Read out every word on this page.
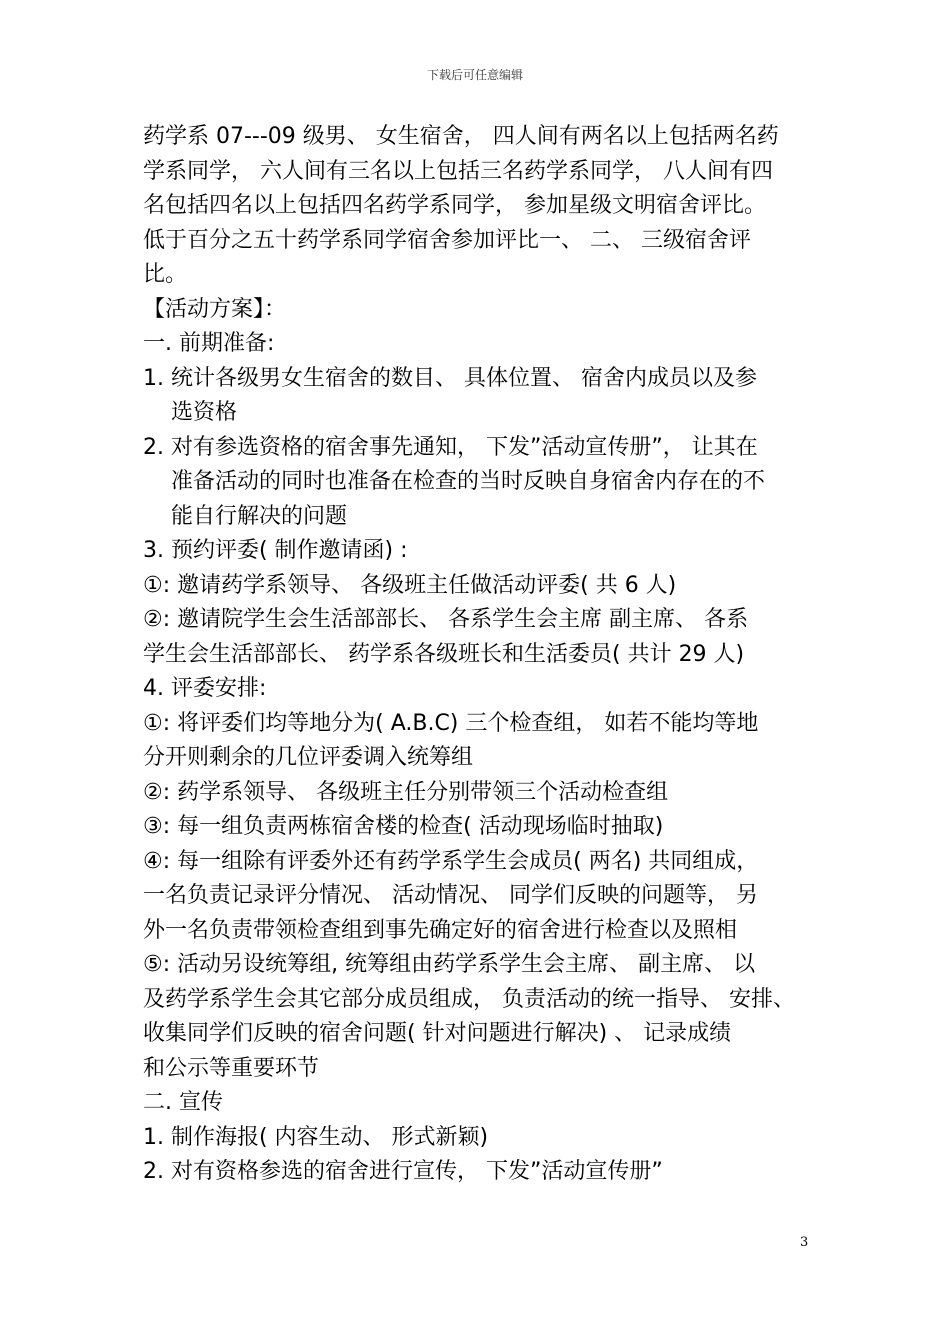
下载后可任意编辑
药学系 07---09 级男、 女生宿舍， 四人间有两名以上包括两名药
学系同学， 六人间有三名以上包括三名药学系同学， 八人间有四
名包括四名以上包括四名药学系同学， 参加星级文明宿舍评比。
低于百分之五十药学系同学宿舍参加评比一、 二、 三级宿舍评
比。
【活动方案】：
一. 前期准备:
1. 统计各级男女生宿舍的数目、 具体位置、 宿舍内成员以及参
选资格
2. 对有参选资格的宿舍事先通知， 下发”活动宣传册”， 让其在
准备活动的同时也准备在检查的当时反映自身宿舍内存在的不
能自行解决的问题
3. 预约评委( 制作邀请函) :
①: 邀请药学系领导、 各级班主任做活动评委( 共 6 人)
②: 邀请院学生会生活部部长、 各系学生会主席 副主席、 各系
学生会生活部部长、 药学系各级班长和生活委员( 共计 29 人)
4. 评委安排:
①: 将评委们均等地分为( A.B.C) 三个检查组， 如若不能均等地
分开则剩余的几位评委调入统筹组
②: 药学系领导、 各级班主任分别带领三个活动检查组
③: 每一组负责两栋宿舍楼的检查( 活动现场临时抽取)
④: 每一组除有评委外还有药学系学生会成员( 两名) 共同组成，
一名负责记录评分情况、 活动情况、 同学们反映的问题等， 另
外一名负责带领检查组到事先确定好的宿舍进行检查以及照相
⑤: 活动另设统筹组, 统筹组由药学系学生会主席、 副主席、 以
及药学系学生会其它部分成员组成， 负责活动的统一指导、 安排、
收集同学们反映的宿舍问题( 针对问题进行解决) 、 记录成绩
和公示等重要环节
二. 宣传
1. 制作海报( 内容生动、 形式新颖)
2. 对有资格参选的宿舍进行宣传， 下发”活动宣传册”
3
